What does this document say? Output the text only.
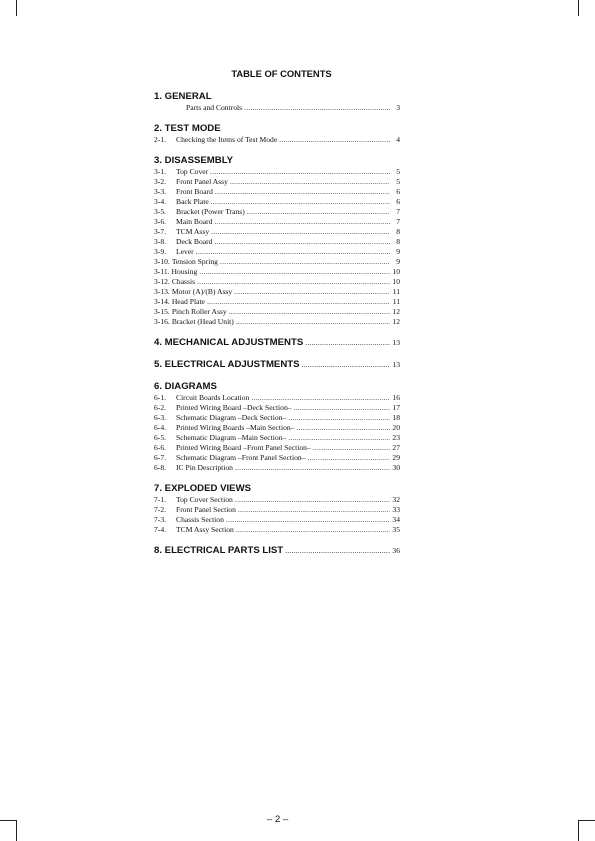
TABLE OF CONTENTS
1. GENERAL
Parts and Controls .....	3
2. TEST MODE
2-1.	Checking the Items of Test Mode .....	4
3. DISASSEMBLY
3-1.	Top Cover .....	5
3-2.	Front Panel Assy .....	5
3-3.	Front Board .....	6
3-4.	Back Plate .....	6
3-5.	Bracket (Power Trans) .....	7
3-6.	Main Board .....	7
3-7.	TCM Assy .....	8
3-8.	Deck Board .....	8
3-9.	Lever .....	9
3-10. Tension Spring .....	9
3-11. Housing .....	10
3-12. Chassis .....	10
3-13. Motor (A)/(B) Assy .....	11
3-14. Head Plate .....	11
3-15. Pinch Roller Assy .....	12
3-16. Bracket (Head Unit) .....	12
4. MECHANICAL ADJUSTMENTS .....	13
5. ELECTRICAL ADJUSTMENTS .....	13
6. DIAGRAMS
6-1.	Circuit Boards Location .....	16
6-2.	Printed Wiring Board –Deck Section– .....	17
6-3.	Schematic Diagram –Deck Section– .....	18
6-4.	Printed Wiring Boards –Main Section– .....	20
6-5.	Schematic Diagram –Main Section– .....	23
6-6.	Printed Wiring Board –Front Panel Section– .....	27
6-7.	Schematic Diagram –Front Panel Section– .....	29
6-8.	IC Pin Description .....	30
7. EXPLODED VIEWS
7-1.	Top Cover Section .....	32
7-2.	Front Panel Section .....	33
7-3.	Chassis Section .....	34
7-4.	TCM Assy Section .....	35
8. ELECTRICAL PARTS LIST .....	36
– 2 –
